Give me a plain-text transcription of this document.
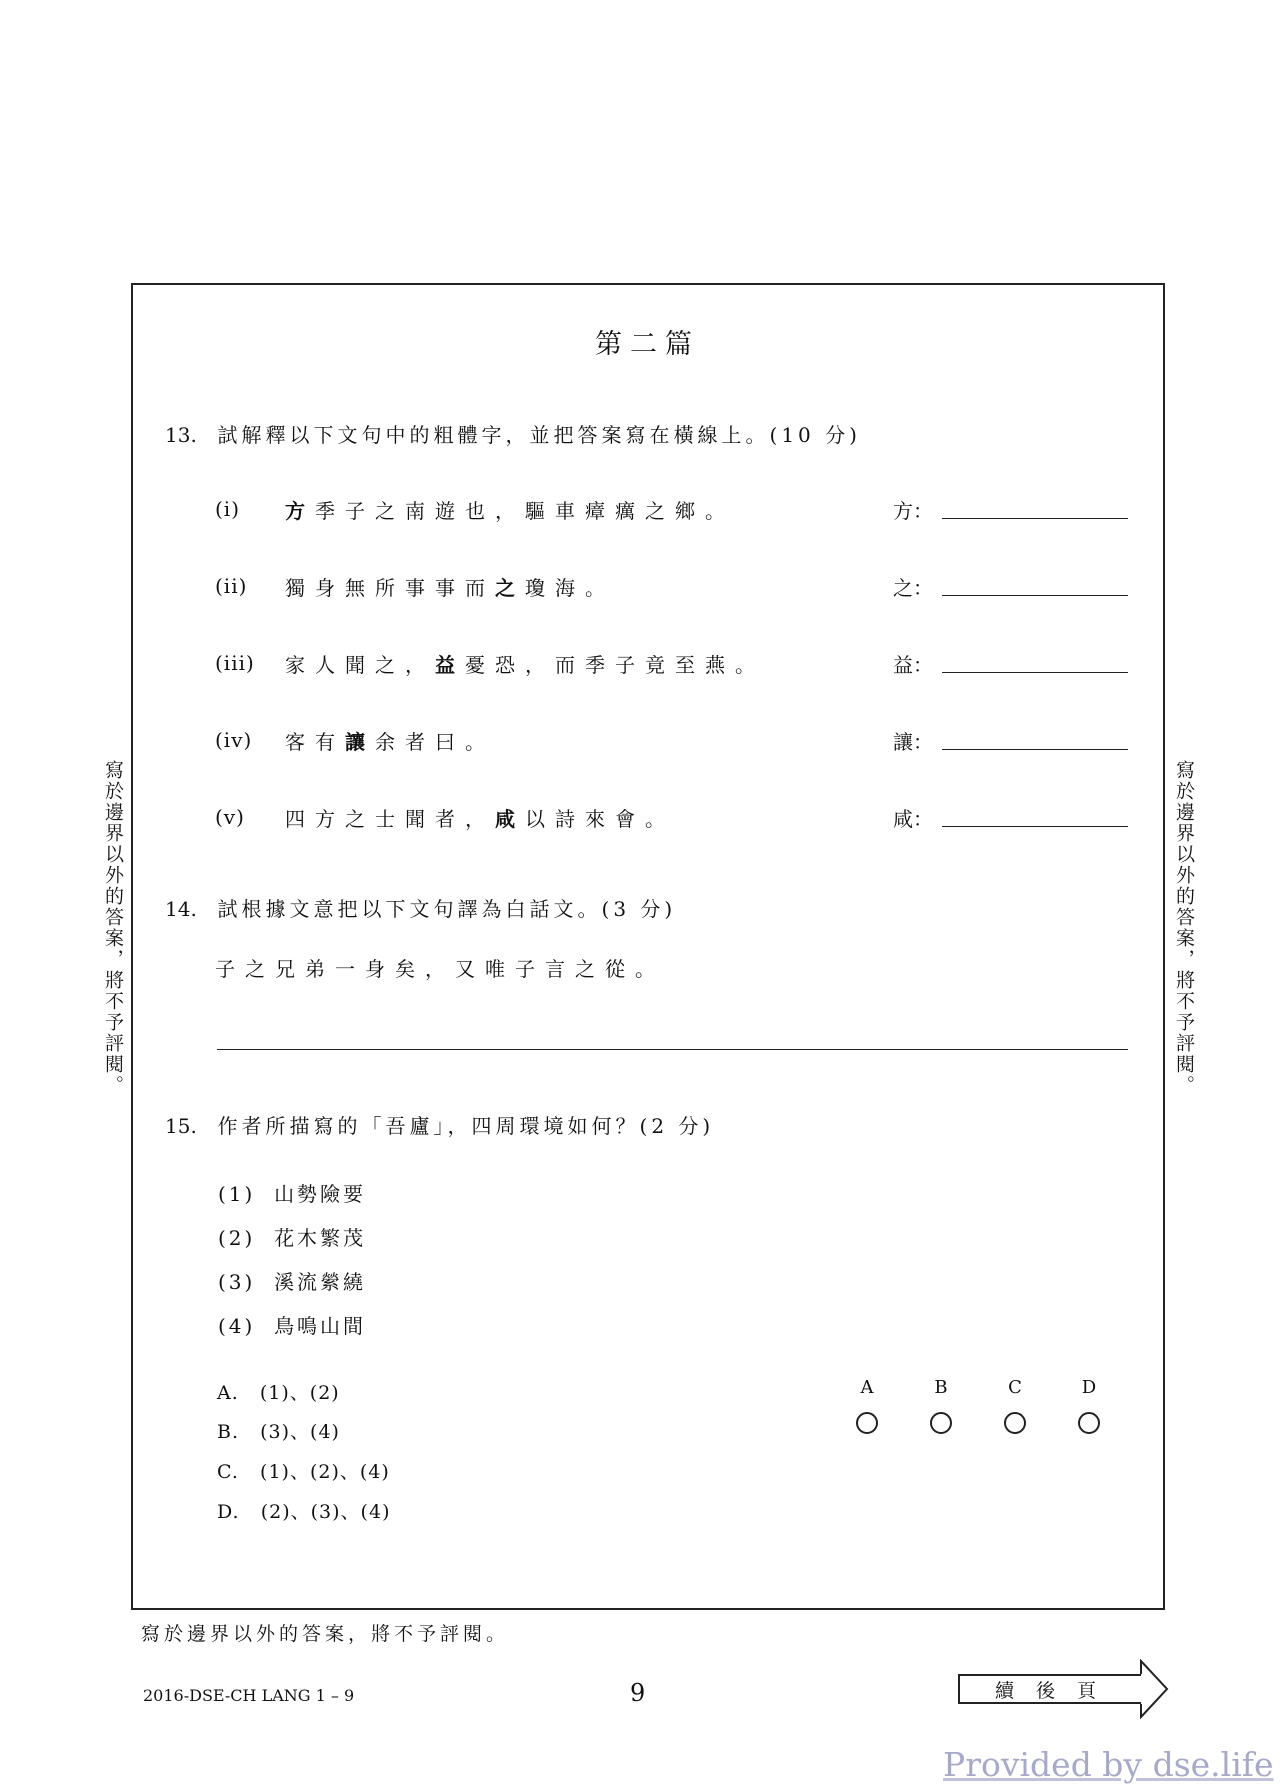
第二篇
13. 試解釋以下文句中的粗體字，並把答案寫在橫線上。(10 分)
(i) 方季子之南遊也，驅車瘴癘之鄉。	方：
(ii) 獨身無所事事而之瓊海。	之：
(iii) 家人聞之，益憂恐，而季子竟至燕。	益：
(iv) 客有讓余者曰。	讓：
(v) 四方之士聞者，咸以詩來會。	咸：
14. 試根據文意把以下文句譯為白話文。(3 分)
子之兄弟一身矣，又唯子言之從。
15. 作者所描寫的「吾廬」，四周環境如何？(2 分)
(1) 山勢險要
(2) 花木繁茂
(3) 溪流縈繞
(4) 鳥鳴山間
A. (1)、(2)
B. (3)、(4)
C. (1)、(2)、(4)
D. (2)、(3)、(4)
A	B	C	D
寫於邊界以外的答案，將不予評閱。	寫於邊界以外的答案，將不予評閱。
寫於邊界以外的答案，將不予評閱。
2016-DSE-CH LANG 1 – 9	9	續後頁
Provided by dse.life
